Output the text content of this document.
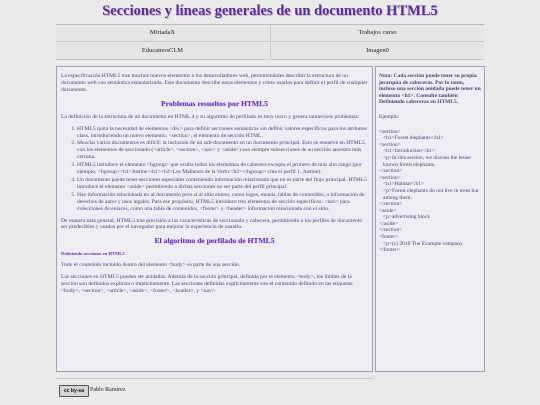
Secciones y líneas generales de un documento HTML5
MiriadaX	Trabajos curso
EducamosCLM	Imagen0

La especificación HTML5 trae muchos nuevos elementos a los desarrolladores web, permitiéndoles describir la estructura de un documento web con semántica estandarizada. Este documento describe estos elementos y cómo usarlos para definir el perfil de cualquier documento.

Problemas resueltos por HTML5

La definición de la estructura de un documento en HTML 4 y su algoritmo de perfilado es muy tosco y genera numerosos problemas:

1. HTML5 quita la necesidad de elementos <div> para definir secciones semánticas sin definir valores específicos para los atributos class, introduciendo un nuevo elemento, <section>, el elemento de sección HTML.
2. Mezclar varios documentos es difícil: la inclusión de un sub-documento en un documento principal. Esto se resuelve en HTML5 con los elementos de seccionado (<article>, <section>, <nav> y <aside>) son siempre subsecciones de su sección ancestra más cercana.
3. HTML5 introduce el elemento <hgroup> que oculta todos los elementos de cabecera excepto el primero de más alto rango (por ejemplo, <hgroup><h1>Justine</h1><h2>Les Malheurs de la Vertu</h2></hgroup> crea el perfil 1. Justine).
4. Un documento puede tener secciones especiales conteniendo información relacionada que no es parte del flujo principal. HTML5 introduce el elemento <aside> permitiendo a dichas secciones no ser parte del perfil principal.
5. Hay información relacionada no al documento pero sí al sitio entero, como logos, menús, tablas de contenidos, o información de derechos de autor y usos legales. Para ese propósito, HTML5 introduce tres elementos de sección específicos: <nav> para colecciones de enlaces, como una tabla de contenidos, <footer> y <header> información relacionada con el sitio.

De manera más general, HTML5 trae precisión a las características de seccionado y cabecera, permitiendo a los perfiles de documento ser predecibles y usados por el navegador para mejorar la experiencia de usuario.

El algoritmo de perfilado de HTML5
Definiendo secciones en HTML5

Todo el contenido incluido dentro del elemento <body> es parte de una sección.

Las secciones en HTML5 pueden ser anidadas. Además de la sección principal, definida por el elemento <body>, los límites de la sección son definidos explícita o implícitamente. Las secciones definidas explícitamente son el contenido definido en las etiquetas <body>, <section>, <article>, <aside>, <footer>, <header>, y <nav>.

Nota: Cada sección puede tener su propia jerarquía de cabeceras. Por lo tanto, incluso una sección anidada puede tener un elemento <h1>. Consulte también Definiendo cabeceras en HTML5.

Ejemplo:

<section>
<h1>Forest elephants</h1>
<section>
<h1>Introduction</h1>
<p>In this section, we discuss the lesser known forest elephants.
</section>
<section>
<h1>Habitat</h1>
<p>Forest elephants do not live in trees but among them.
</section>
<aside>
<p>advertising block
</aside>
</section>
<footer>
<p>(c) 2010 The Example company
</footer>
cc by-sa Pablo Ramírez
